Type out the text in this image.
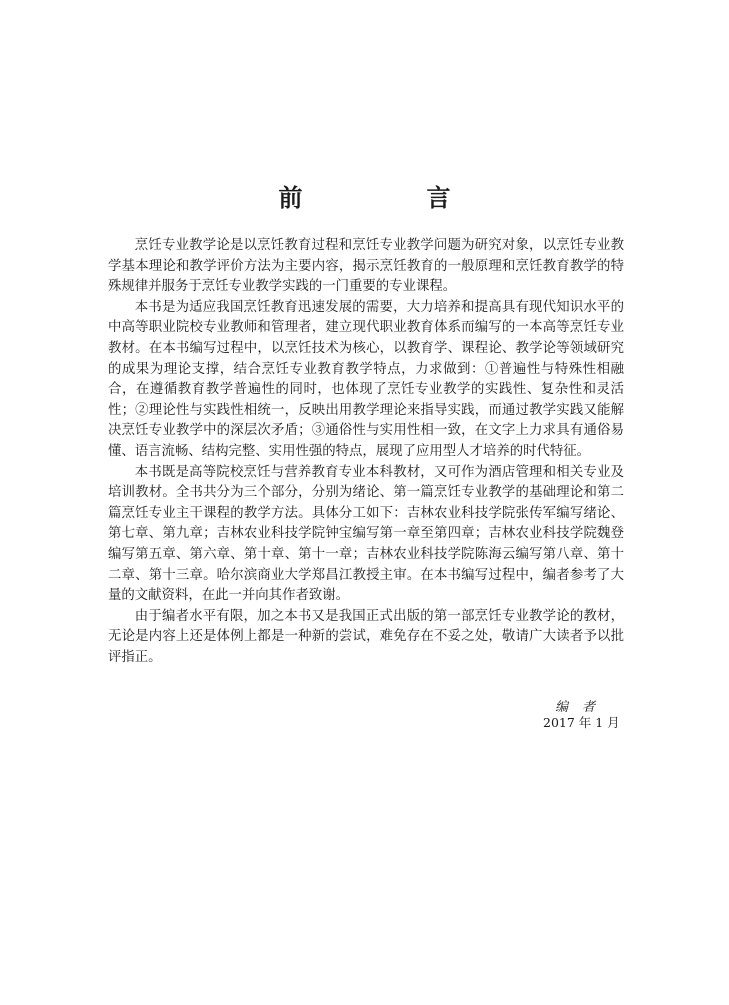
前　言

烹饪专业教学论是以烹饪教育过程和烹饪专业教学问题为研究对象，以烹饪专业教学基本理论和教学评价方法为主要内容，揭示烹饪教育的一般原理和烹饪教育教学的特殊规律并服务于烹饪专业教学实践的一门重要的专业课程。

本书是为适应我国烹饪教育迅速发展的需要，大力培养和提高具有现代知识水平的中高等职业院校专业教师和管理者，建立现代职业教育体系而编写的一本高等烹饪专业教材。在本书编写过程中，以烹饪技术为核心，以教育学、课程论、教学论等领域研究的成果为理论支撑，结合烹饪专业教育教学特点，力求做到：①普遍性与特殊性相融合，在遵循教育教学普遍性的同时，也体现了烹饪专业教学的实践性、复杂性和灵活性；②理论性与实践性相统一，反映出用教学理论来指导实践，而通过教学实践又能解决烹饪专业教学中的深层次矛盾；③通俗性与实用性相一致，在文字上力求具有通俗易懂、语言流畅、结构完整、实用性强的特点，展现了应用型人才培养的时代特征。

本书既是高等院校烹饪与营养教育专业本科教材，又可作为酒店管理和相关专业及培训教材。全书共分为三个部分，分别为绪论、第一篇烹饪专业教学的基础理论和第二篇烹饪专业主干课程的教学方法。具体分工如下：吉林农业科技学院张传军编写绪论、第七章、第九章；吉林农业科技学院钟宝编写第一章至第四章；吉林农业科技学院魏登编写第五章、第六章、第十章、第十一章；吉林农业科技学院陈海云编写第八章、第十二章、第十三章。哈尔滨商业大学郑昌江教授主审。在本书编写过程中，编者参考了大量的文献资料，在此一并向其作者致谢。

由于编者水平有限，加之本书又是我国正式出版的第一部烹饪专业教学论的教材，无论是内容上还是体例上都是一种新的尝试，难免存在不妥之处，敬请广大读者予以批评指正。

编者
2017 年 1 月
